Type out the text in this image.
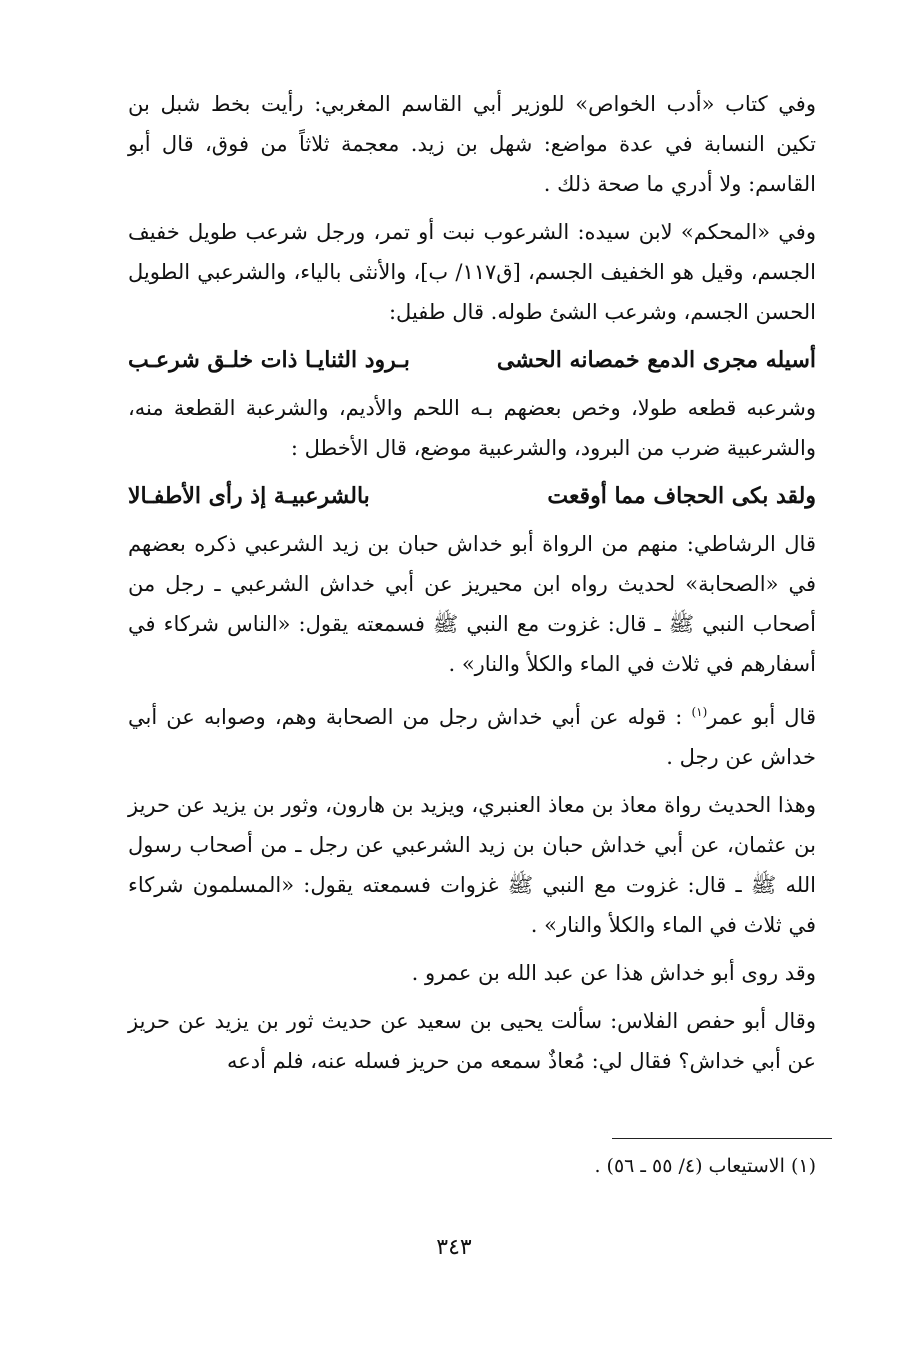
وفي كتاب «أدب الخواص» للوزير أبي القاسم المغربي: رأيت بخط شبل بن تكين النسابة في عدة مواضع: شهل بن زيد. معجمة ثلاثاً من فوق، قال أبو القاسم: ولا أدري ما صحة ذلك .

وفي «المحكم» لابن سيده: الشرعوب نبت أو تمر، ورجل شرعب طويل خفيف الجسم، وقيل هو الخفيف الجسم، [ق١١٧/ ب]، والأنثى بالياء، والشرعبي الطويل الحسن الجسم، وشرعب الشئ طوله. قال طفيل:

أسيله مجرى الدمع خمصانه الحشى
بـرود الثنايـا ذات خلـق شرعـب

وشرعبه قطعه طولا، وخص بعضهم بـه اللحم والأديم، والشرعبة القطعة منه، والشرعبية ضرب من البرود، والشرعبية موضع، قال الأخطل :

ولقد بكى الحجاف مما أوقعت
بالشرعبيـة إذ رأى الأطفـالا

قال الرشاطي: منهم من الرواة أبو خداش حبان بن زيد الشرعبي ذكره بعضهم في «الصحابة» لحديث رواه ابن محيريز عن أبي خداش الشرعبي ـ رجل من أصحاب النبي ﷺ ـ قال: غزوت مع النبي ﷺ فسمعته يقول: «الناس شركاء في أسفارهم في ثلاث في الماء والكلأ والنار» .

قال أبو عمر$^{(١)}$ : قوله عن أبي خداش رجل من الصحابة وهم، وصوابه عن أبي خداش عن رجل .

وهذا الحديث رواة معاذ بن معاذ العنبري، ويزيد بن هارون، وثور بن يزيد عن حريز بن عثمان، عن أبي خداش حبان بن زيد الشرعبي عن رجل ـ من أصحاب رسول الله ﷺ ـ قال: غزوت مع النبي ﷺ غزوات فسمعته يقول: «المسلمون شركاء في ثلاث في الماء والكلأ والنار» .

وقد روى أبو خداش هذا عن عبد الله بن عمرو .

وقال أبو حفص الفلاس: سألت يحيى بن سعيد عن حديث ثور بن يزيد عن حريز عن أبي خداش؟ فقال لي: مُعاذٌ سمعه من حريز فسله عنه، فلم أدعه

(١) الاستيعاب (٤/ ٥٥ ـ ٥٦) .
٣٤٣
